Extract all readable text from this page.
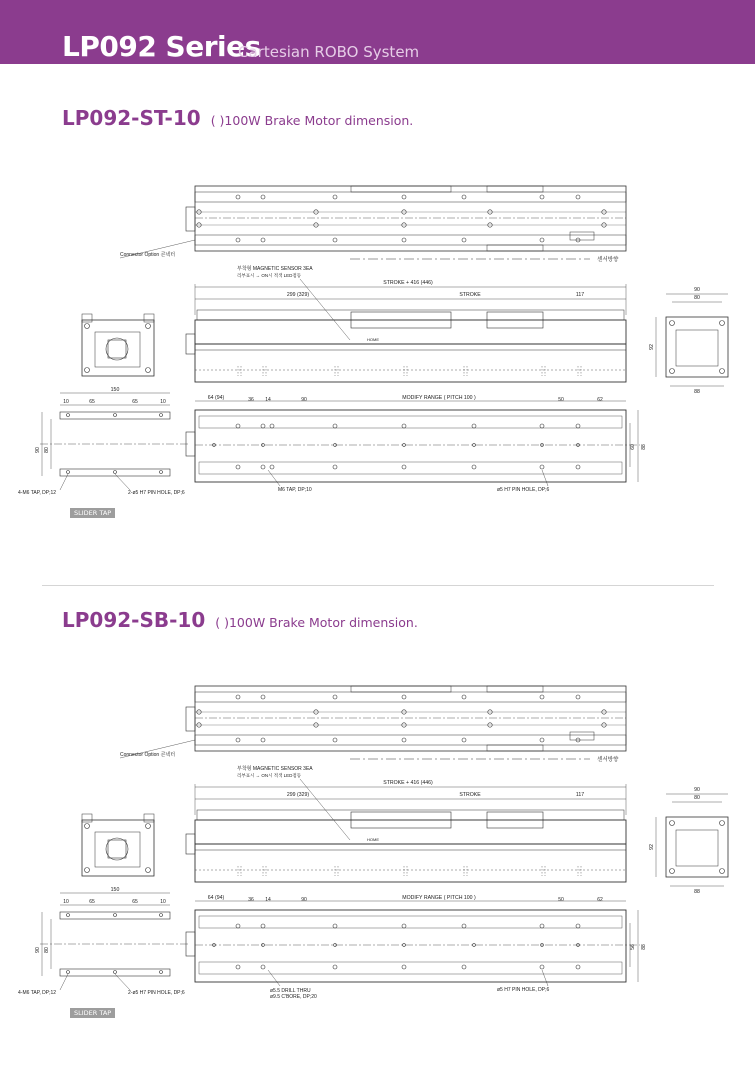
LP092 Series
Cartesian ROBO System
LP092-ST-10 ( )100W Brake Motor dimension.
센서방향
Connector Option 콘넥터
부착형 MAGNETIC SENSOR 3EA
리부표시 → ON시 적색 LED점등
STROKE + 416 (446)
299 (329)	STROKE	117
HOME
90
80
92
88
150
10	65	65	10
90 80
4-M6 TAP, DP;12	2-ø5 H7 PIN HOLE, DP;6
64 (94)	36 14	90	MODIFY RANGE ( PITCH 100 )	50	62
60 88
M6 TAP, DP;10	ø5 H7 PIN HOLE, DP;6
SLIDER TAP
LP092-SB-10 ( )100W Brake Motor dimension.
센서방향
Connector Option 콘넥터
부착형 MAGNETIC SENSOR 3EA
리부표시 → ON시 적색 LED점등
STROKE + 416 (446)
299 (329)	STROKE	117
HOME
90
80
92
88
150
10	65	65	10
90 80
4-M6 TAP, DP;12	2-ø5 H7 PIN HOLE, DP;6
64 (94)	36 14	90	MODIFY RANGE ( PITCH 100 )	50	62
56 88
ø5.5 DRILL THRU
ø9.5 C'BORE, DP;20
ø5 H7 PIN HOLE, DP;6
SLIDER TAP
